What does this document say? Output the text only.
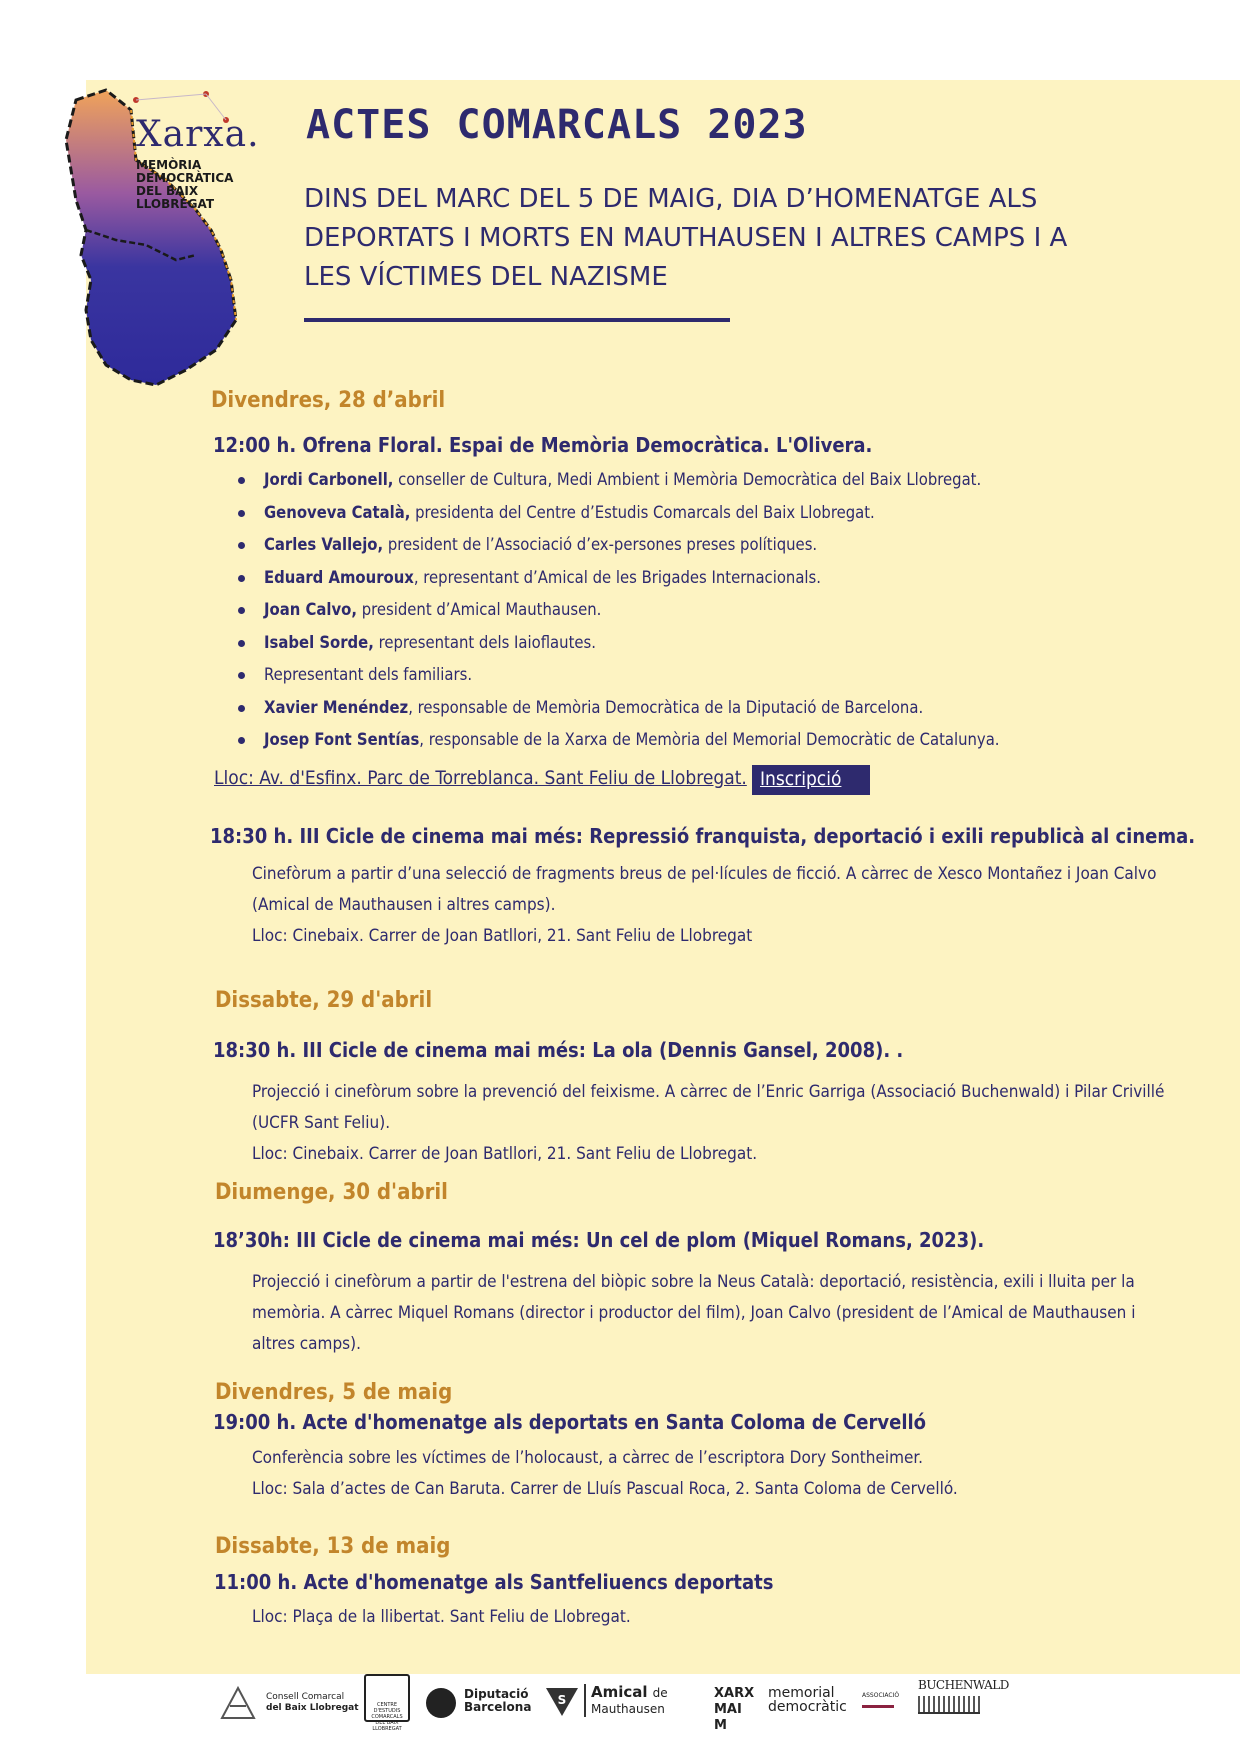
Xarxa.
MEMÒRIA
DEMOCRÀTICA
DEL BAIX
LLOBREGAT
ACTES COMARCALS 2023
DINS DEL MARC DEL 5 DE MAIG, DIA D’HOMENATGE ALS
DEPORTATS I MORTS EN MAUTHAUSEN I ALTRES CAMPS I A
LES VÍCTIMES DEL NAZISME
Divendres, 28 d’abril
12:00 h. Ofrena Floral. Espai de Memòria Democràtica. L'Olivera.
Jordi Carbonell, conseller de Cultura, Medi Ambient i Memòria Democràtica del Baix Llobregat.
Genoveva Català, presidenta del Centre d’Estudis Comarcals del Baix Llobregat.
Carles Vallejo, president de l’Associació d’ex-persones preses polítiques.
Eduard Amouroux, representant d’Amical de les Brigades Internacionals.
Joan Calvo, president d’Amical Mauthausen.
Isabel Sorde, representant dels Iaioflautes.
Representant dels familiars.
Xavier Menéndez, responsable de Memòria Democràtica de la Diputació de Barcelona.
Josep Font Sentías, responsable de la Xarxa de Memòria del Memorial Democràtic de Catalunya.
Lloc: Av. d'Esfinx. Parc de Torreblanca. Sant Feliu de Llobregat. Inscripció
18:30 h. III Cicle de cinema mai més: Repressió franquista, deportació i exili republicà al cinema.
Cinefòrum a partir d’una selecció de fragments breus de pel·lícules de ficció. A càrrec de Xesco Montañez i Joan Calvo
(Amical de Mauthausen i altres camps).
Lloc: Cinebaix. Carrer de Joan Batllori, 21. Sant Feliu de Llobregat
Dissabte, 29 d'abril
18:30 h. III Cicle de cinema mai més: La ola (Dennis Gansel, 2008). .
Projecció i cinefòrum sobre la prevenció del feixisme. A càrrec de l’Enric Garriga (Associació Buchenwald) i Pilar Crivillé
(UCFR Sant Feliu).
Lloc: Cinebaix. Carrer de Joan Batllori, 21. Sant Feliu de Llobregat.
Diumenge, 30 d'abril
18’30h: III Cicle de cinema mai més: Un cel de plom (Miquel Romans, 2023).
Projecció i cinefòrum a partir de l'estrena del biòpic sobre la Neus Català: deportació, resistència, exili i lluita per la
memòria. A càrrec Miquel Romans (director i productor del film), Joan Calvo (president de l’Amical de Mauthausen i
altres camps).
Divendres, 5 de maig
19:00 h. Acte d'homenatge als deportats en Santa Coloma de Cervelló
Conferència sobre les víctimes de l’holocaust, a càrrec de l’escriptora Dory Sontheimer.
Lloc: Sala d’actes de Can Baruta. Carrer de Lluís Pascual Roca, 2. Santa Coloma de Cervelló.
Dissabte, 13 de maig
11:00 h. Acte d'homenatge als Santfeliuencs deportats
Lloc: Plaça de la llibertat. Sant Feliu de Llobregat.
Consell Comarcal
del Baix Llobregat	CENTRE D'ESTUDIS
COMARCALS
DEL BAIX LLOBREGAT
Diputació
Barcelona S Amical de
Mauthausen
XARX
MAI M
memorial
democràtic
ASSOCIACIÓ
BUCHENWALD
